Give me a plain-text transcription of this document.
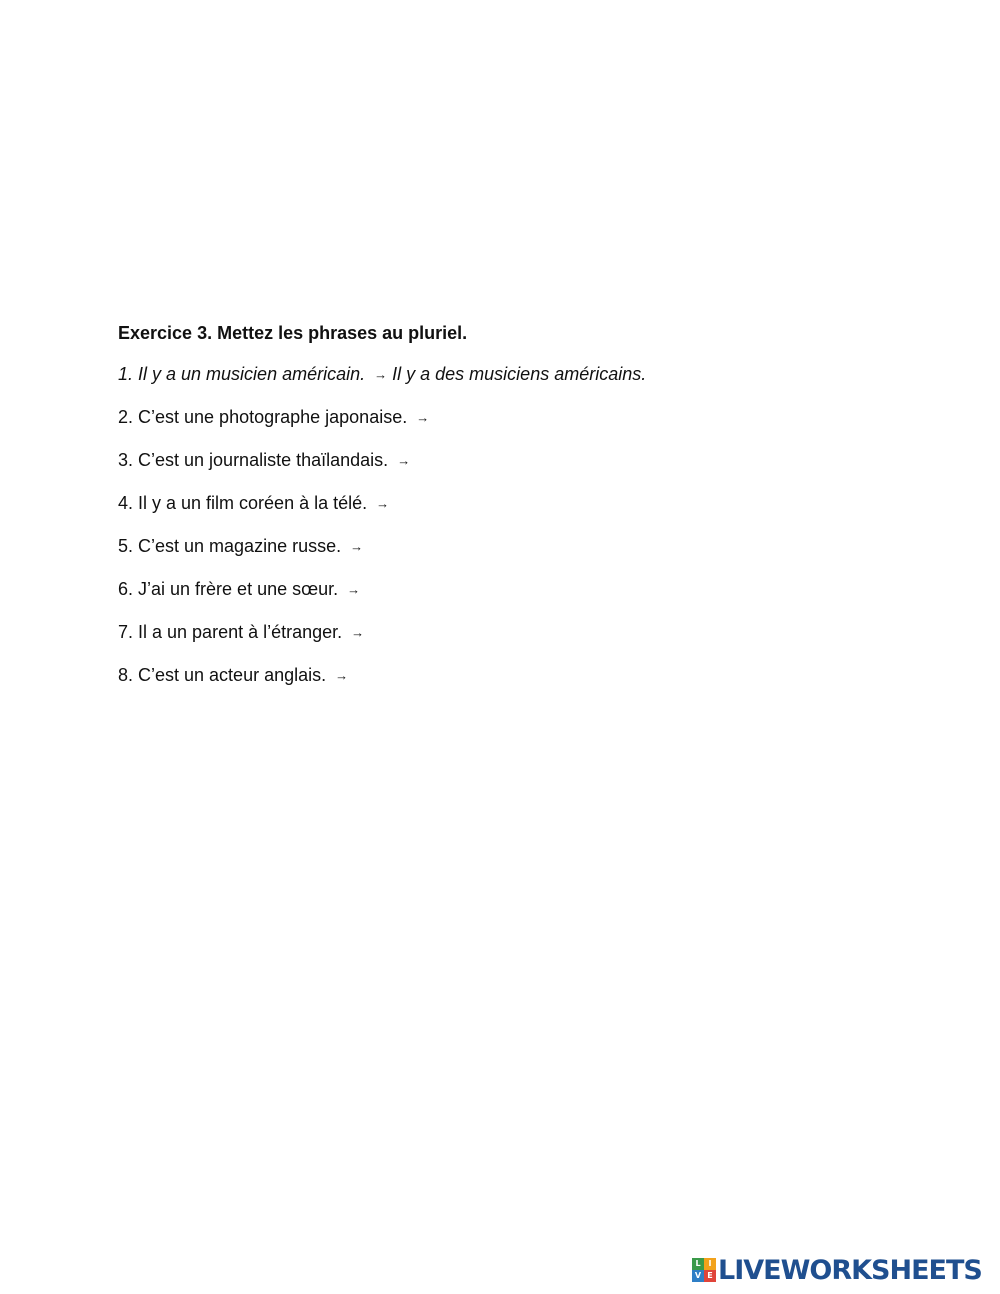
Exercice 3. Mettez les phrases au pluriel.
1. Il y a un musicien américain. → Il y a des musiciens américains.
2. C’est une photographe japonaise. →
3. C’est un journaliste thaïlandais. →
4. Il y a un film coréen à la télé. →
5. C’est un magazine russe. →
6. J’ai un frère et une sœur. →
7. Il a un parent à l’étranger. →
8. C’est un acteur anglais. →
L I
V E LIVEWORKSHEETS
